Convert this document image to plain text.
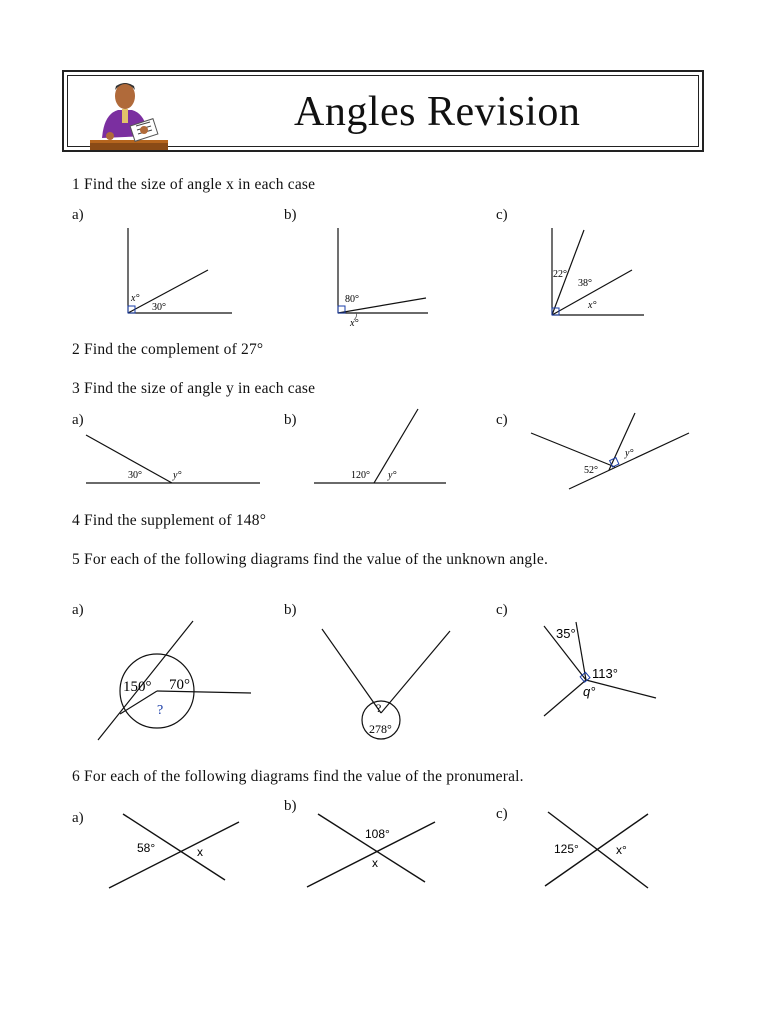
Angles Revision
1 Find the size of angle x in each case
a)	b)	c)
x°
30°
80°
x°
22°
38°
x°
2 Find the complement of 27°
3 Find the size of angle y in each case
a)	b)	c)
30°	y°	120° y°	52°
y°
4 Find the supplement of 148°
5 For each of the following diagrams find the value of the unknown angle.
a)	b)	c)
150° 70°
?	?
278°
35°
113°
q°
6 For each of the following diagrams find the value of the pronumeral.
a)
b)	c)
58°	x
108°
x
125°	x°
